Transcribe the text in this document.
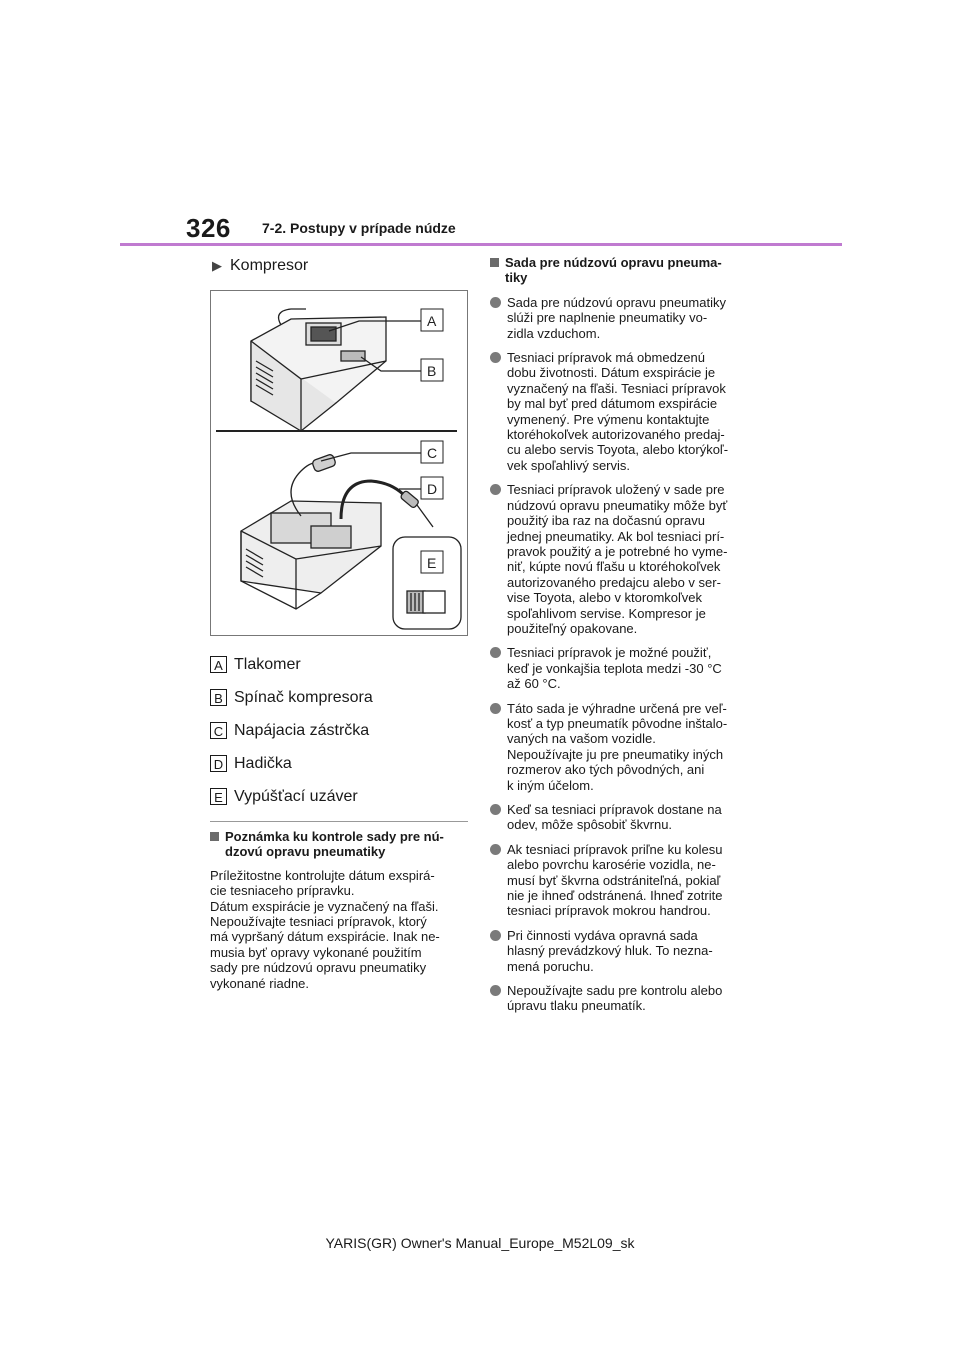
326 7-2. Postupy v prípade núdze
▶ Kompresor
A
B
C
D
E
A Tlakomer
B Spínač kompresora
C Napájacia zástrčka
D Hadička
E Vypúšťací uzáver
Poznámka ku kontrole sady pre nú-
dzovú opravu pneumatiky
Príležitostne kontrolujte dátum exspirá-
cie tesniaceho prípravku.
Dátum exspirácie je vyznačený na fľaši.
Nepoužívajte tesniaci prípravok, ktorý
má vypršaný dátum exspirácie. Inak ne-
musia byť opravy vykonané použitím
sady pre núdzovú opravu pneumatiky
vykonané riadne.
Sada pre núdzovú opravu pneuma-
tiky
Sada pre núdzovú opravu pneumatiky
slúži pre naplnenie pneumatiky vo-
zidla vzduchom.
Tesniaci prípravok má obmedzenú
dobu životnosti. Dátum exspirácie je
vyznačený na fľaši. Tesniaci prípravok
by mal byť pred dátumom exspirácie
vymenený. Pre výmenu kontaktujte
ktoréhokoľvek autorizovaného predaj-
cu alebo servis Toyota, alebo ktorýkoľ-
vek spoľahlivý servis.
Tesniaci prípravok uložený v sade pre
núdzovú opravu pneumatiky môže byť
použitý iba raz na dočasnú opravu
jednej pneumatiky. Ak bol tesniaci prí-
pravok použitý a je potrebné ho vyme-
niť, kúpte novú fľašu u ktoréhokoľvek
autorizovaného predajcu alebo v ser-
vise Toyota, alebo v ktoromkoľvek
spoľahlivom servise. Kompresor je
použiteľný opakovane.
Tesniaci prípravok je možné použiť,
keď je vonkajšia teplota medzi -30 °C
až 60 °C.
Táto sada je výhradne určená pre veľ-
kosť a typ pneumatík pôvodne inštalo-
vaných na vašom vozidle.
Nepoužívajte ju pre pneumatiky iných
rozmerov ako tých pôvodných, ani
k iným účelom.
Keď sa tesniaci prípravok dostane na
odev, môže spôsobiť škvrnu.
Ak tesniaci prípravok priľne ku kolesu
alebo povrchu karosérie vozidla, ne-
musí byť škvrna odstrániteľná, pokiaľ
nie je ihneď odstránená. Ihneď zotrite
tesniaci prípravok mokrou handrou.
Pri činnosti vydáva opravná sada
hlasný prevádzkový hluk. To nezna-
mená poruchu.
Nepoužívajte sadu pre kontrolu alebo
úpravu tlaku pneumatík.
YARIS(GR) Owner's Manual_Europe_M52L09_sk
